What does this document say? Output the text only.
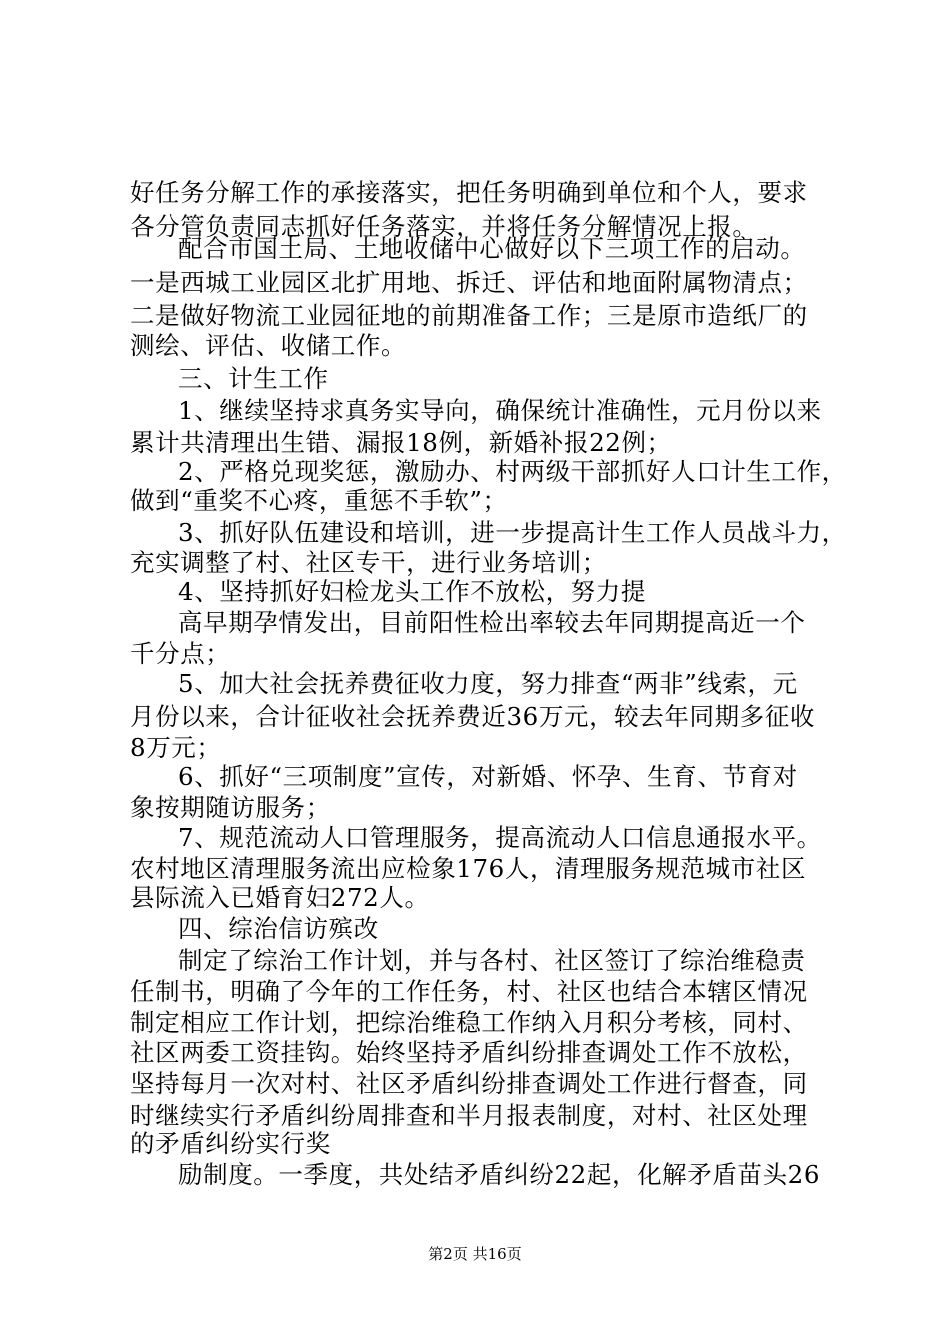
好任务分解工作的承接落实，把任务明确到单位和个人，要求
各分管负责同志抓好任务落实，并将任务分解情况上报。
配合市国土局、土地收储中心做好以下三项工作的启动。
一是西城工业园区北扩用地、拆迁、评估和地面附属物清点；
二是做好物流工业园征地的前期准备工作；三是原市造纸厂的
测绘、评估、收储工作。
三、计生工作
1、继续坚持求真务实导向，确保统计准确性，元月份以来
累计共清理出生错、漏报18例，新婚补报22例；
2、严格兑现奖惩，激励办、村两级干部抓好人口计生工作，
做到“重奖不心疼，重惩不手软”；
3、抓好队伍建设和培训，进一步提高计生工作人员战斗力，
充实调整了村、社区专干，进行业务培训；
4、坚持抓好妇检龙头工作不放松，努力提
高早期孕情发出，目前阳性检出率较去年同期提高近一个
千分点；
5、加大社会抚养费征收力度，努力排查“两非”线索，元
月份以来，合计征收社会抚养费近36万元，较去年同期多征收
8万元；
6、抓好“三项制度”宣传，对新婚、怀孕、生育、节育对
象按期随访服务；
7、规范流动人口管理服务，提高流动人口信息通报水平。
农村地区清理服务流出应检象176人，清理服务规范城市社区
县际流入已婚育妇272人。
四、综治信访殡改
制定了综治工作计划，并与各村、社区签订了综治维稳责
任制书，明确了今年的工作任务，村、社区也结合本辖区情况
制定相应工作计划，把综治维稳工作纳入月积分考核，同村、
社区两委工资挂钩。始终坚持矛盾纠纷排查调处工作不放松，
坚持每月一次对村、社区矛盾纠纷排查调处工作进行督查，同
时继续实行矛盾纠纷周排查和半月报表制度，对村、社区处理
的矛盾纠纷实行奖
励制度。一季度，共处结矛盾纠纷22起，化解矛盾苗头26
第2页 共16页
